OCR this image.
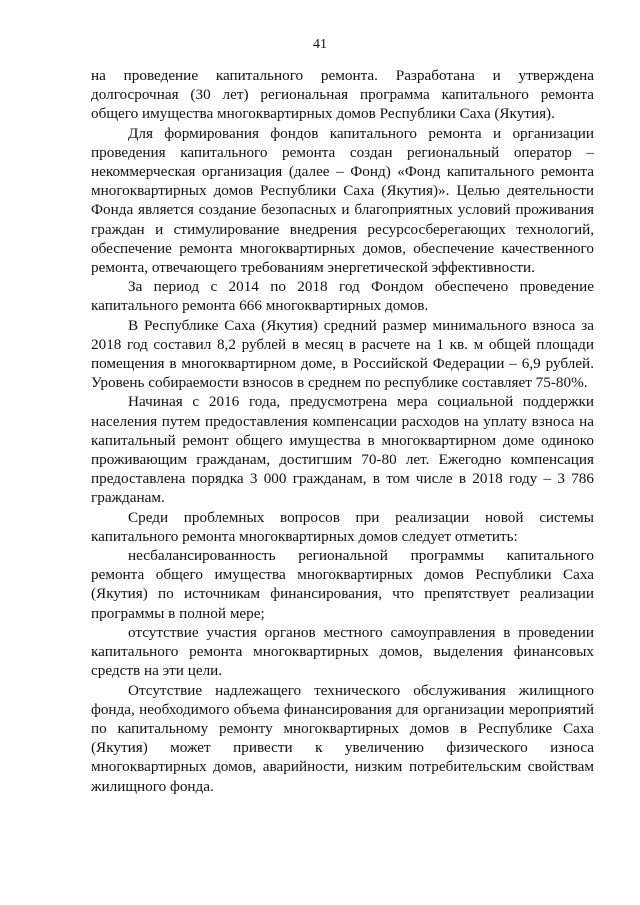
41

на проведение капитального ремонта. Разработана и утверждена долгосрочная (30 лет) региональная программа капитального ремонта общего имущества многоквартирных домов Республики Саха (Якутия).

Для формирования фондов капитального ремонта и организации проведения капитального ремонта создан региональный оператор – некоммерческая организация (далее – Фонд) «Фонд капитального ремонта многоквартирных домов Республики Саха (Якутия)». Целью деятельности Фонда является создание безопасных и благоприятных условий проживания граждан и стимулирование внедрения ресурсосберегающих технологий, обеспечение ремонта многоквартирных домов, обеспечение качественного ремонта, отвечающего требованиям энергетической эффективности.

За период с 2014 по 2018 год Фондом обеспечено проведение капитального ремонта 666 многоквартирных домов.

В Республике Саха (Якутия) средний размер минимального взноса за 2018 год составил 8,2 рублей в месяц в расчете на 1 кв. м общей площади помещения в многоквартирном доме, в Российской Федерации – 6,9 рублей. Уровень собираемости взносов в среднем по республике составляет 75-80%.

Начиная с 2016 года, предусмотрена мера социальной поддержки населения путем предоставления компенсации расходов на уплату взноса на капитальный ремонт общего имущества в многоквартирном доме одиноко проживающим гражданам, достигшим 70-80 лет. Ежегодно компенсация предоставлена порядка 3 000 гражданам, в том числе в 2018 году – 3 786 гражданам.

Среди проблемных вопросов при реализации новой системы капитального ремонта многоквартирных домов следует отметить:

несбалансированность региональной программы капитального ремонта общего имущества многоквартирных домов Республики Саха (Якутия) по источникам финансирования, что препятствует реализации программы в полной мере;

отсутствие участия органов местного самоуправления в проведении капитального ремонта многоквартирных домов, выделения финансовых средств на эти цели.

Отсутствие надлежащего технического обслуживания жилищного фонда, необходимого объема финансирования для организации мероприятий по капитальному ремонту многоквартирных домов в Республике Саха (Якутия) может привести к увеличению физического износа многоквартирных домов, аварийности, низким потребительским свойствам жилищного фонда.
